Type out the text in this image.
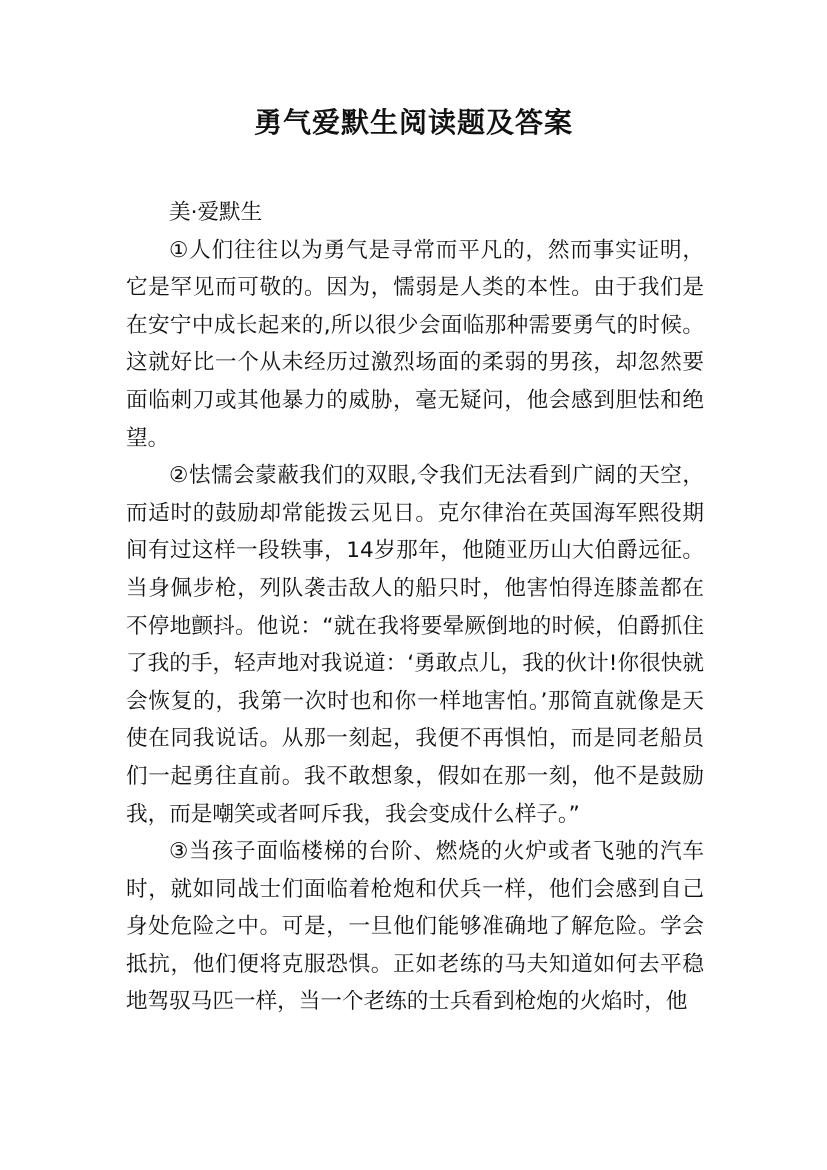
勇气爱默生阅读题及答案

美·爱默生

①人们往往以为勇气是寻常而平凡的，然而事实证明，它是罕见而可敬的。因为，懦弱是人类的本性。由于我们是在安宁中成长起来的,所以很少会面临那种需要勇气的时候。这就好比一个从未经历过激烈场面的柔弱的男孩，却忽然要面临刺刀或其他暴力的威胁，毫无疑问，他会感到胆怯和绝望。

②怯懦会蒙蔽我们的双眼,令我们无法看到广阔的天空，而适时的鼓励却常能拨云见日。克尔律治在英国海军熙役期间有过这样一段轶事，14岁那年，他随亚历山大伯爵远征。当身佩步枪，列队袭击敌人的船只时，他害怕得连膝盖都在不停地颤抖。他说：“就在我将要晕厥倒地的时候，伯爵抓住了我的手，轻声地对我说道：‘勇敢点儿，我的伙计!你很快就会恢复的，我第一次时也和你一样地害怕。’那简直就像是天使在同我说话。从那一刻起，我便不再惧怕，而是同老船员们一起勇往直前。我不敢想象，假如在那一刻，他不是鼓励我，而是嘲笑或者呵斥我，我会变成什么样子。”

③当孩子面临楼梯的台阶、燃烧的火炉或者飞驰的汽车时，就如同战士们面临着枪炮和伏兵一样，他们会感到自己身处危险之中。可是，一旦他们能够准确地了解危险。学会抵抗，他们便将克服恐惧。正如老练的马夫知道如何去平稳地驾驭马匹一样，当一个老练的士兵看到枪炮的火焰时，他
